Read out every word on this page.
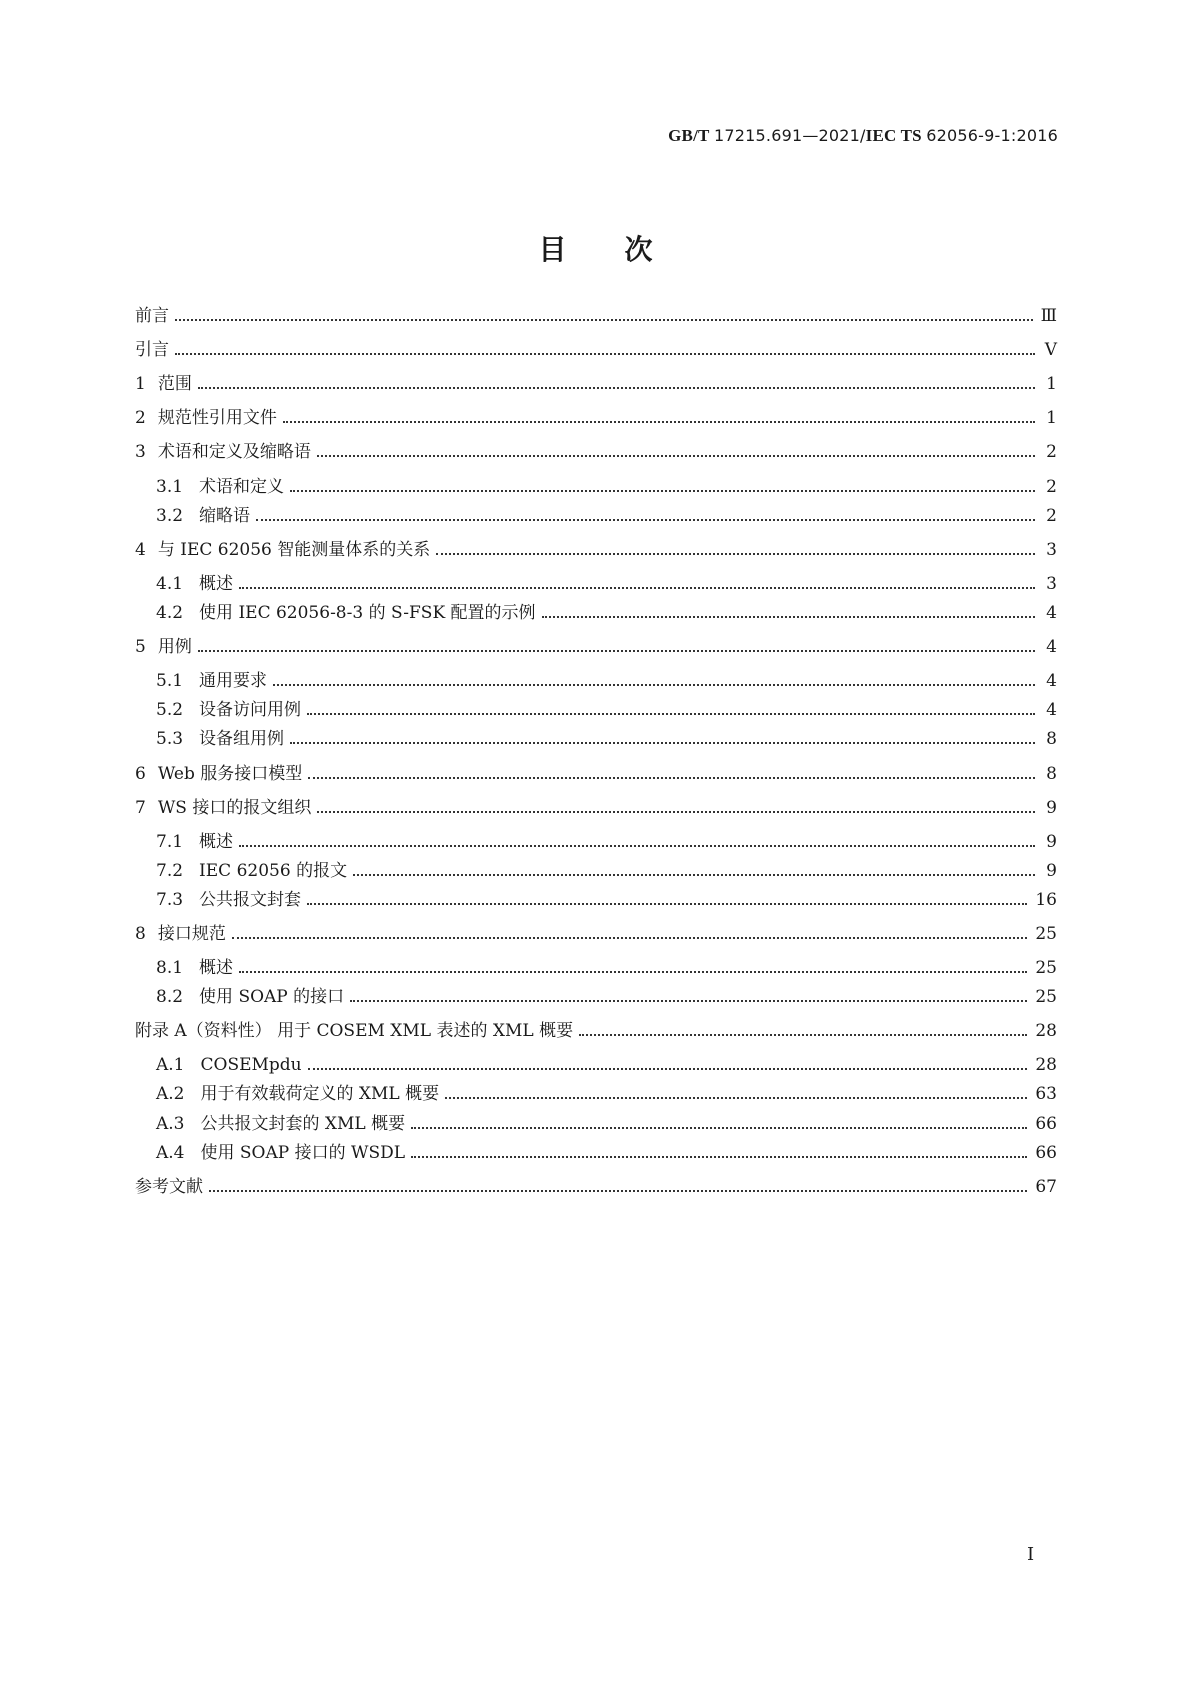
GB/T 17215.691—2021/IEC TS 62056-9-1:2016
目次
前言	Ⅲ
引言	Ⅴ
1 范围	1
2 规范性引用文件	1
3 术语和定义及缩略语	2
3.1 术语和定义	2
3.2 缩略语	2
4 与 IEC 62056 智能测量体系的关系	3
4.1 概述	3
4.2 使用 IEC 62056-8-3 的 S-FSK 配置的示例	4
5 用例	4
5.1 通用要求	4
5.2 设备访问用例	4
5.3 设备组用例	8
6 Web 服务接口模型	8
7 WS 接口的报文组织	9
7.1 概述	9
7.2 IEC 62056 的报文	9
7.3 公共报文封套	16
8 接口规范	25
8.1 概述	25
8.2 使用 SOAP 的接口	25
附录 A（资料性） 用于 COSEM XML 表述的 XML 概要	28
A.1 COSEMpdu	28
A.2 用于有效载荷定义的 XML 概要	63
A.3 公共报文封套的 XML 概要	66
A.4 使用 SOAP 接口的 WSDL	66
参考文献	67
I
